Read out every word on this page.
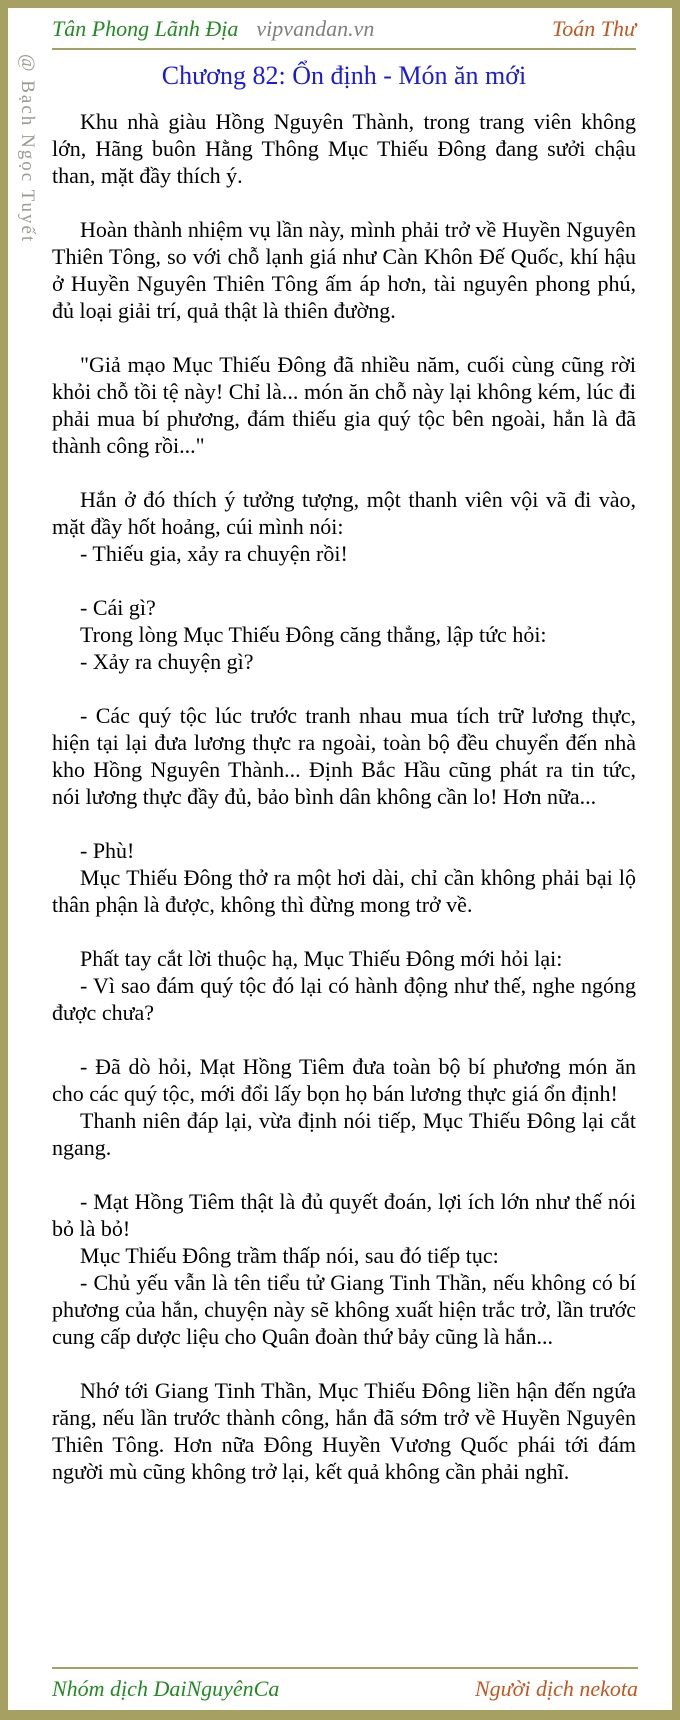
@ Bạch Ngọc Tuyết
Tân Phong Lãnh Địa vipvandan.vn	Toán Thư
Chương 82: Ổn định - Món ăn mới

Khu nhà giàu Hồng Nguyên Thành, trong trang viên không lớn, Hãng buôn Hằng Thông Mục Thiếu Đông đang sưởi chậu than, mặt đầy thích ý.

Hoàn thành nhiệm vụ lần này, mình phải trở về Huyền Nguyên Thiên Tông, so với chỗ lạnh giá như Càn Khôn Đế Quốc, khí hậu ở Huyền Nguyên Thiên Tông ấm áp hơn, tài nguyên phong phú, đủ loại giải trí, quả thật là thiên đường.

"Giả mạo Mục Thiếu Đông đã nhiều năm, cuối cùng cũng rời khỏi chỗ tồi tệ này! Chỉ là... món ăn chỗ này lại không kém, lúc đi phải mua bí phương, đám thiếu gia quý tộc bên ngoài, hẳn là đã thành công rồi..."

Hắn ở đó thích ý tưởng tượng, một thanh viên vội vã đi vào, mặt đầy hốt hoảng, cúi mình nói:

- Thiếu gia, xảy ra chuyện rồi!

- Cái gì?

Trong lòng Mục Thiếu Đông căng thẳng, lập tức hỏi:

- Xảy ra chuyện gì?

- Các quý tộc lúc trước tranh nhau mua tích trữ lương thực, hiện tại lại đưa lương thực ra ngoài, toàn bộ đều chuyển đến nhà kho Hồng Nguyên Thành... Định Bắc Hầu cũng phát ra tin tức, nói lương thực đầy đủ, bảo bình dân không cần lo! Hơn nữa...

- Phù!

Mục Thiếu Đông thở ra một hơi dài, chỉ cần không phải bại lộ thân phận là được, không thì đừng mong trở về.

Phất tay cắt lời thuộc hạ, Mục Thiếu Đông mới hỏi lại:

- Vì sao đám quý tộc đó lại có hành động như thế, nghe ngóng được chưa?

- Đã dò hỏi, Mạt Hồng Tiêm đưa toàn bộ bí phương món ăn cho các quý tộc, mới đổi lấy bọn họ bán lương thực giá ổn định!

Thanh niên đáp lại, vừa định nói tiếp, Mục Thiếu Đông lại cắt ngang.

- Mạt Hồng Tiêm thật là đủ quyết đoán, lợi ích lớn như thế nói bỏ là bỏ!

Mục Thiếu Đông trầm thấp nói, sau đó tiếp tục:

- Chủ yếu vẫn là tên tiểu tử Giang Tinh Thần, nếu không có bí phương của hắn, chuyện này sẽ không xuất hiện trắc trở, lần trước cung cấp dược liệu cho Quân đoàn thứ bảy cũng là hắn...

Nhớ tới Giang Tinh Thần, Mục Thiếu Đông liền hận đến ngứa răng, nếu lần trước thành công, hắn đã sớm trở về Huyền Nguyên Thiên Tông. Hơn nữa Đông Huyền Vương Quốc phái tới đám người mù cũng không trở lại, kết quả không cần phải nghĩ.

Nhóm dịch DaiNguyênCa	Người dịch nekota
